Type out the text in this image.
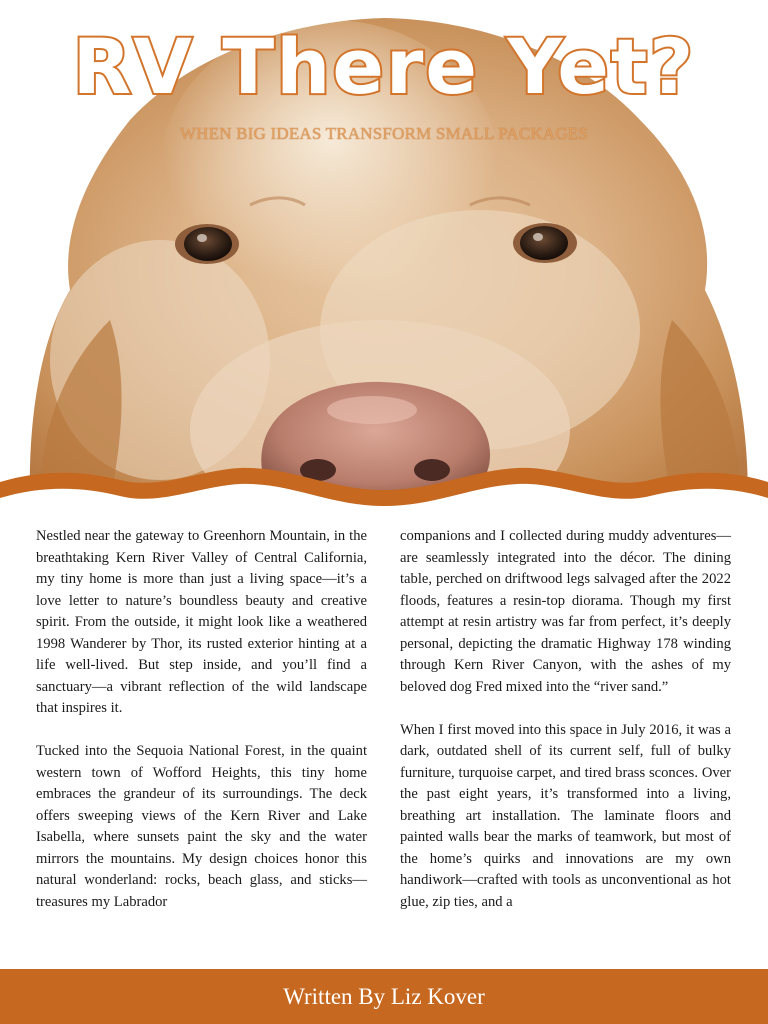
RV There Yet?
WHEN BIG IDEAS TRANSFORM SMALL PACKAGES

Nestled near the gateway to Greenhorn Mountain, in the breathtaking Kern River Valley of Central California, my tiny home is more than just a living space—it’s a love letter to nature’s boundless beauty and creative spirit. From the outside, it might look like a weathered 1998 Wanderer by Thor, its rusted exterior hinting at a life well-lived. But step inside, and you’ll find a sanctuary—a vibrant reflection of the wild landscape that inspires it.

Tucked into the Sequoia National Forest, in the quaint western town of Wofford Heights, this tiny home embraces the grandeur of its surroundings. The deck offers sweeping views of the Kern River and Lake Isabella, where sunsets paint the sky and the water mirrors the mountains. My design choices honor this natural wonderland: rocks, beach glass, and sticks—treasures my Labrador

companions and I collected during muddy adventures—are seamlessly integrated into the décor. The dining table, perched on driftwood legs salvaged after the 2022 floods, features a resin-top diorama. Though my first attempt at resin artistry was far from perfect, it’s deeply personal, depicting the dramatic Highway 178 winding through Kern River Canyon, with the ashes of my beloved dog Fred mixed into the “river sand.”

When I first moved into this space in July 2016, it was a dark, outdated shell of its current self, full of bulky furniture, turquoise carpet, and tired brass sconces. Over the past eight years, it’s transformed into a living, breathing art installation. The laminate floors and painted walls bear the marks of teamwork, but most of the home’s quirks and innovations are my own handiwork—crafted with tools as unconventional as hot glue, zip ties, and a

Written By Liz Kover
